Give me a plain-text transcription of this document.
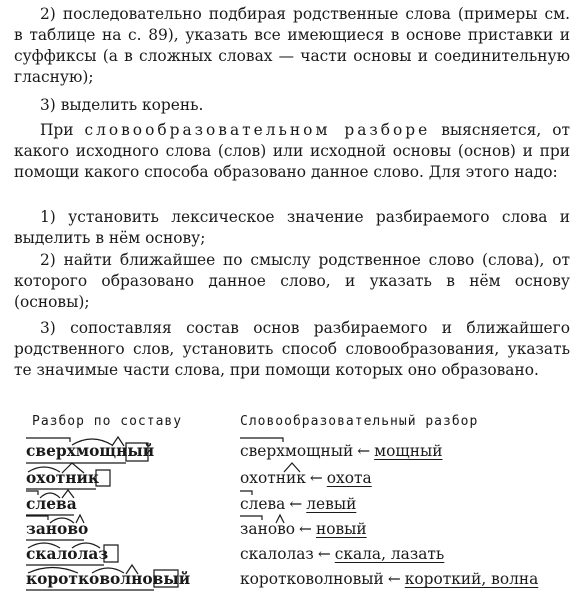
2) последовательно подбирая родственные слова (примеры см. в таблице на с. 89), указать все имеющиеся в основе приставки и суффиксы (а в сложных словах — части основы и соединительную гласную);

3) выделить корень.

При словообразовательном разборе выясняется, от какого исходного слова (слов) или исходной основы (основ) и при помощи какого способа образовано данное слово. Для этого надо:

1) установить лексическое значение разбираемого слова и выделить в нём основу;

2) найти ближайшее по смыслу родственное слово (слова), от которого образовано данное слово, и указать в нём основу (основы);

3) сопоставляя состав основ разбираемого и ближайшего родственного слов, установить способ словообразования, указать те значимые части слова, при помощи которых оно образовано.

Разбор по составу	Словообразовательный разбор
сверхмощный
охотник
слева
заново
скалолаз
коротковолновый
сверхмощный ← мощный
охотник ← охота
слева ← левый
заново ← новый
скалолаз ← скала, лазать
коротковолновый ← короткий, волна
